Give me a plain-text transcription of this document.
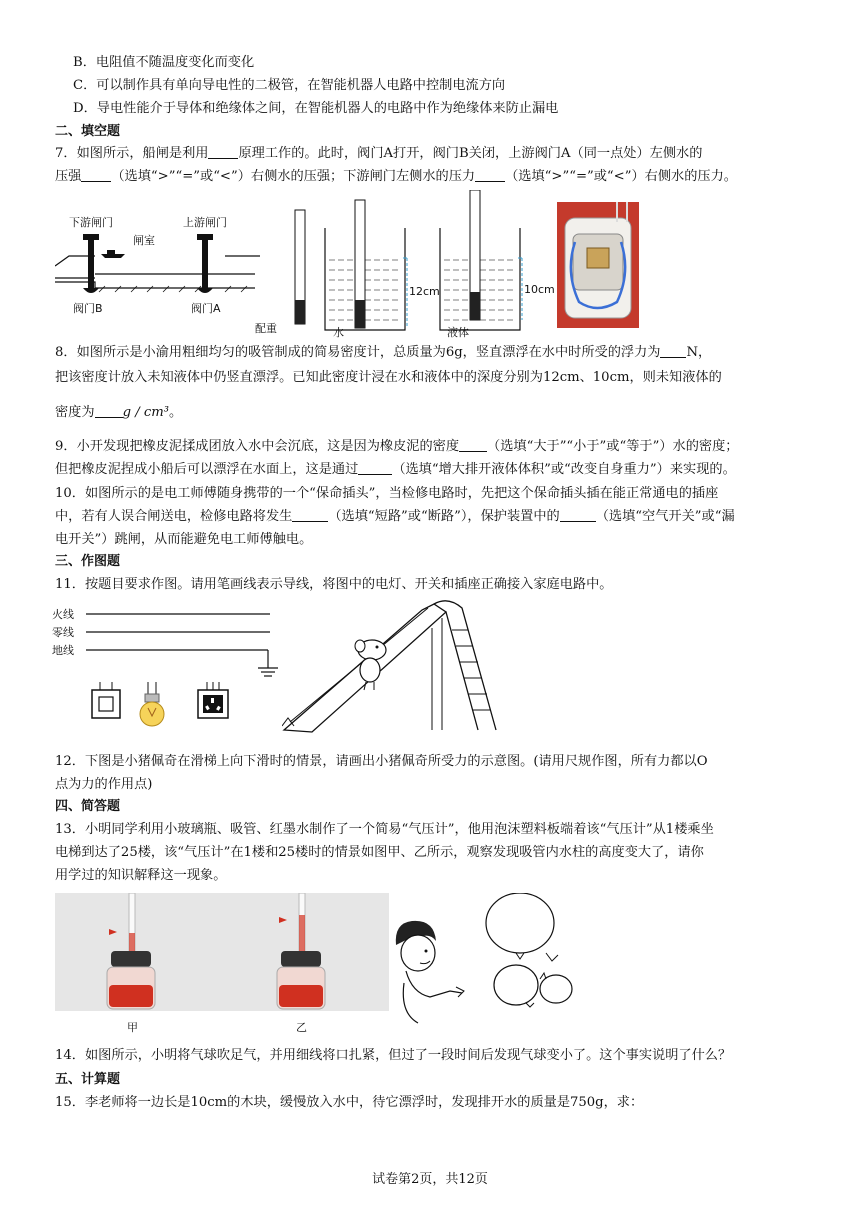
B．电阻值不随温度变化而变化
C．可以制作具有单向导电性的二极管，在智能机器人电路中控制电流方向
D．导电性能介于导体和绝缘体之间，在智能机器人的电路中作为绝缘体来防止漏电
二、填空题
7．如图所示，船闸是利用 原理工作的。此时，阀门A打开，阀门B关闭，上游阀门A（同一点处）左侧水的
压强 （选填“>”“=”或“<”）右侧水的压强；下游闸门左侧水的压力 （选填“>”“=”或“<”）右侧水的压力。
下游闸门	上游闸门
闸室
阀门B	阀门A
配重
12cm
水
10cm
液体
8．如图所示是小渝用粗细均匀的吸管制成的简易密度计，总质量为6g，竖直漂浮在水中时所受的浮力为 N，
把该密度计放入未知液体中仍竖直漂浮。已知此密度计浸在水和液体中的深度分别为12cm、10cm，则未知液体的
密度为 g / cm³。
9．小开发现把橡皮泥揉成团放入水中会沉底，这是因为橡皮泥的密度 （选填“大于”“小于”或“等于”）水的密度；
但把橡皮泥捏成小船后可以漂浮在水面上，这是通过	（选填“增大排开液体体积”或“改变自身重力”）来实现的。
10．如图所示的是电工师傅随身携带的一个“保命插头”，当检修电路时，先把这个保命插头插在能正常通电的插座
中，若有人误合闸送电，检修电路将发生	（选填“短路”或“断路”），保护装置中的	（选填“空气开关”或“漏
电开关”）跳闸，从而能避免电工师傅触电。
三、作图题
11．按题目要求作图。请用笔画线表示导线，将图中的电灯、开关和插座正确接入家庭电路中。
火线
零线
地线
12．下图是小猪佩奇在滑梯上向下滑时的情景，请画出小猪佩奇所受力的示意图。(请用尺规作图，所有力都以O
点为力的作用点)
四、简答题
13．小明同学利用小玻璃瓶、吸管、红墨水制作了一个简易“气压计”，他用泡沫塑料板端着该“气压计”从1楼乘坐
电梯到达了25楼，该“气压计”在1楼和25楼时的情景如图甲、乙所示，观察发现吸管内水柱的高度变大了，请你
用学过的知识解释这一现象。
甲	乙
14．如图所示，小明将气球吹足气，并用细线将口扎紧，但过了一段时间后发现气球变小了。这个事实说明了什么？
五、计算题
15．李老师将一边长是10cm的木块，缓慢放入水中，待它漂浮时，发现排开水的质量是750g，求：
试卷第2页，共12页
